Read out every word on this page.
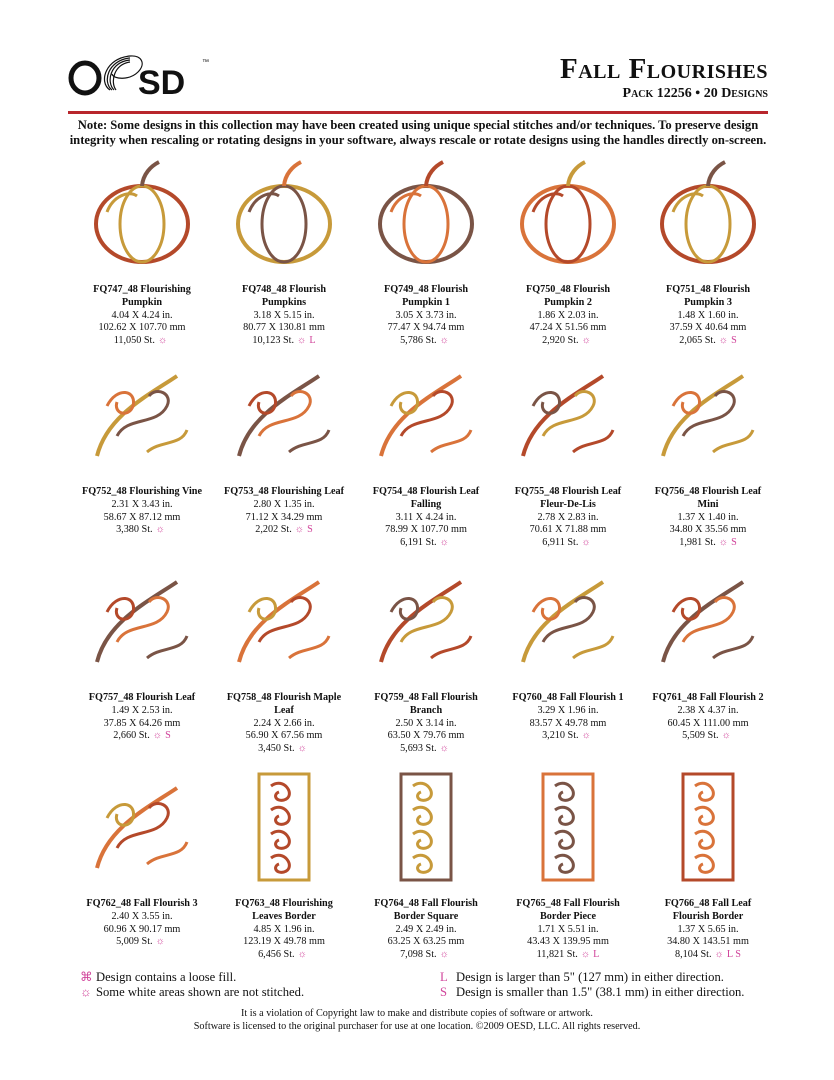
SD
™	Fall Flourishes
Pack 12256 • 20 Designs
Note: Some designs in this collection may have been created using unique special stitches and/or techniques. To preserve design integrity when rescaling or rotating designs in your software, always rescale or rotate designs using the handles directly on-screen.
FQ747_48 Flourishing
Pumpkin
4.04 X 4.24 in.
102.62 X 107.70 mm
11,050 St. ☼
FQ748_48 Flourish
Pumpkins
3.18 X 5.15 in.
80.77 X 130.81 mm
10,123 St. ☼ L
FQ749_48 Flourish
Pumpkin 1
3.05 X 3.73 in.
77.47 X 94.74 mm
5,786 St. ☼
FQ750_48 Flourish
Pumpkin 2
1.86 X 2.03 in.
47.24 X 51.56 mm
2,920 St. ☼
FQ751_48 Flourish
Pumpkin 3
1.48 X 1.60 in.
37.59 X 40.64 mm
2,065 St. ☼ S
FQ752_48 Flourishing Vine
2.31 X 3.43 in.
58.67 X 87.12 mm
3,380 St. ☼
FQ753_48 Flourishing Leaf
2.80 X 1.35 in.
71.12 X 34.29 mm
2,202 St. ☼ S
FQ754_48 Flourish Leaf
Falling
3.11 X 4.24 in.
78.99 X 107.70 mm
6,191 St. ☼
FQ755_48 Flourish Leaf
Fleur-De-Lis
2.78 X 2.83 in.
70.61 X 71.88 mm
6,911 St. ☼
FQ756_48 Flourish Leaf
Mini
1.37 X 1.40 in.
34.80 X 35.56 mm
1,981 St. ☼ S
FQ757_48 Flourish Leaf
1.49 X 2.53 in.
37.85 X 64.26 mm
2,660 St. ☼ S
FQ758_48 Flourish Maple
Leaf
2.24 X 2.66 in.
56.90 X 67.56 mm
3,450 St. ☼
FQ759_48 Fall Flourish
Branch
2.50 X 3.14 in.
63.50 X 79.76 mm
5,693 St. ☼
FQ760_48 Fall Flourish 1
3.29 X 1.96 in.
83.57 X 49.78 mm
3,210 St. ☼
FQ761_48 Fall Flourish 2
2.38 X 4.37 in.
60.45 X 111.00 mm
5,509 St. ☼
FQ762_48 Fall Flourish 3
2.40 X 3.55 in.
60.96 X 90.17 mm
5,009 St. ☼
FQ763_48 Flourishing
Leaves Border
4.85 X 1.96 in.
123.19 X 49.78 mm
6,456 St. ☼
FQ764_48 Fall Flourish
Border Square
2.49 X 2.49 in.
63.25 X 63.25 mm
7,098 St. ☼
FQ765_48 Fall Flourish
Border Piece
1.71 X 5.51 in.
43.43 X 139.95 mm
11,821 St. ☼ L
FQ766_48 Fall Leaf
Flourish Border
1.37 X 5.65 in.
34.80 X 143.51 mm
8,104 St. ☼ L S
⌘ Design contains a loose fill.
☼ Some white areas shown are not stitched.
L Design is larger than 5" (127 mm) in either direction.
S Design is smaller than 1.5" (38.1 mm) in either direction.
It is a violation of Copyright law to make and distribute copies of software or artwork.
Software is licensed to the original purchaser for use at one location. ©2009 OESD, LLC. All rights reserved.
